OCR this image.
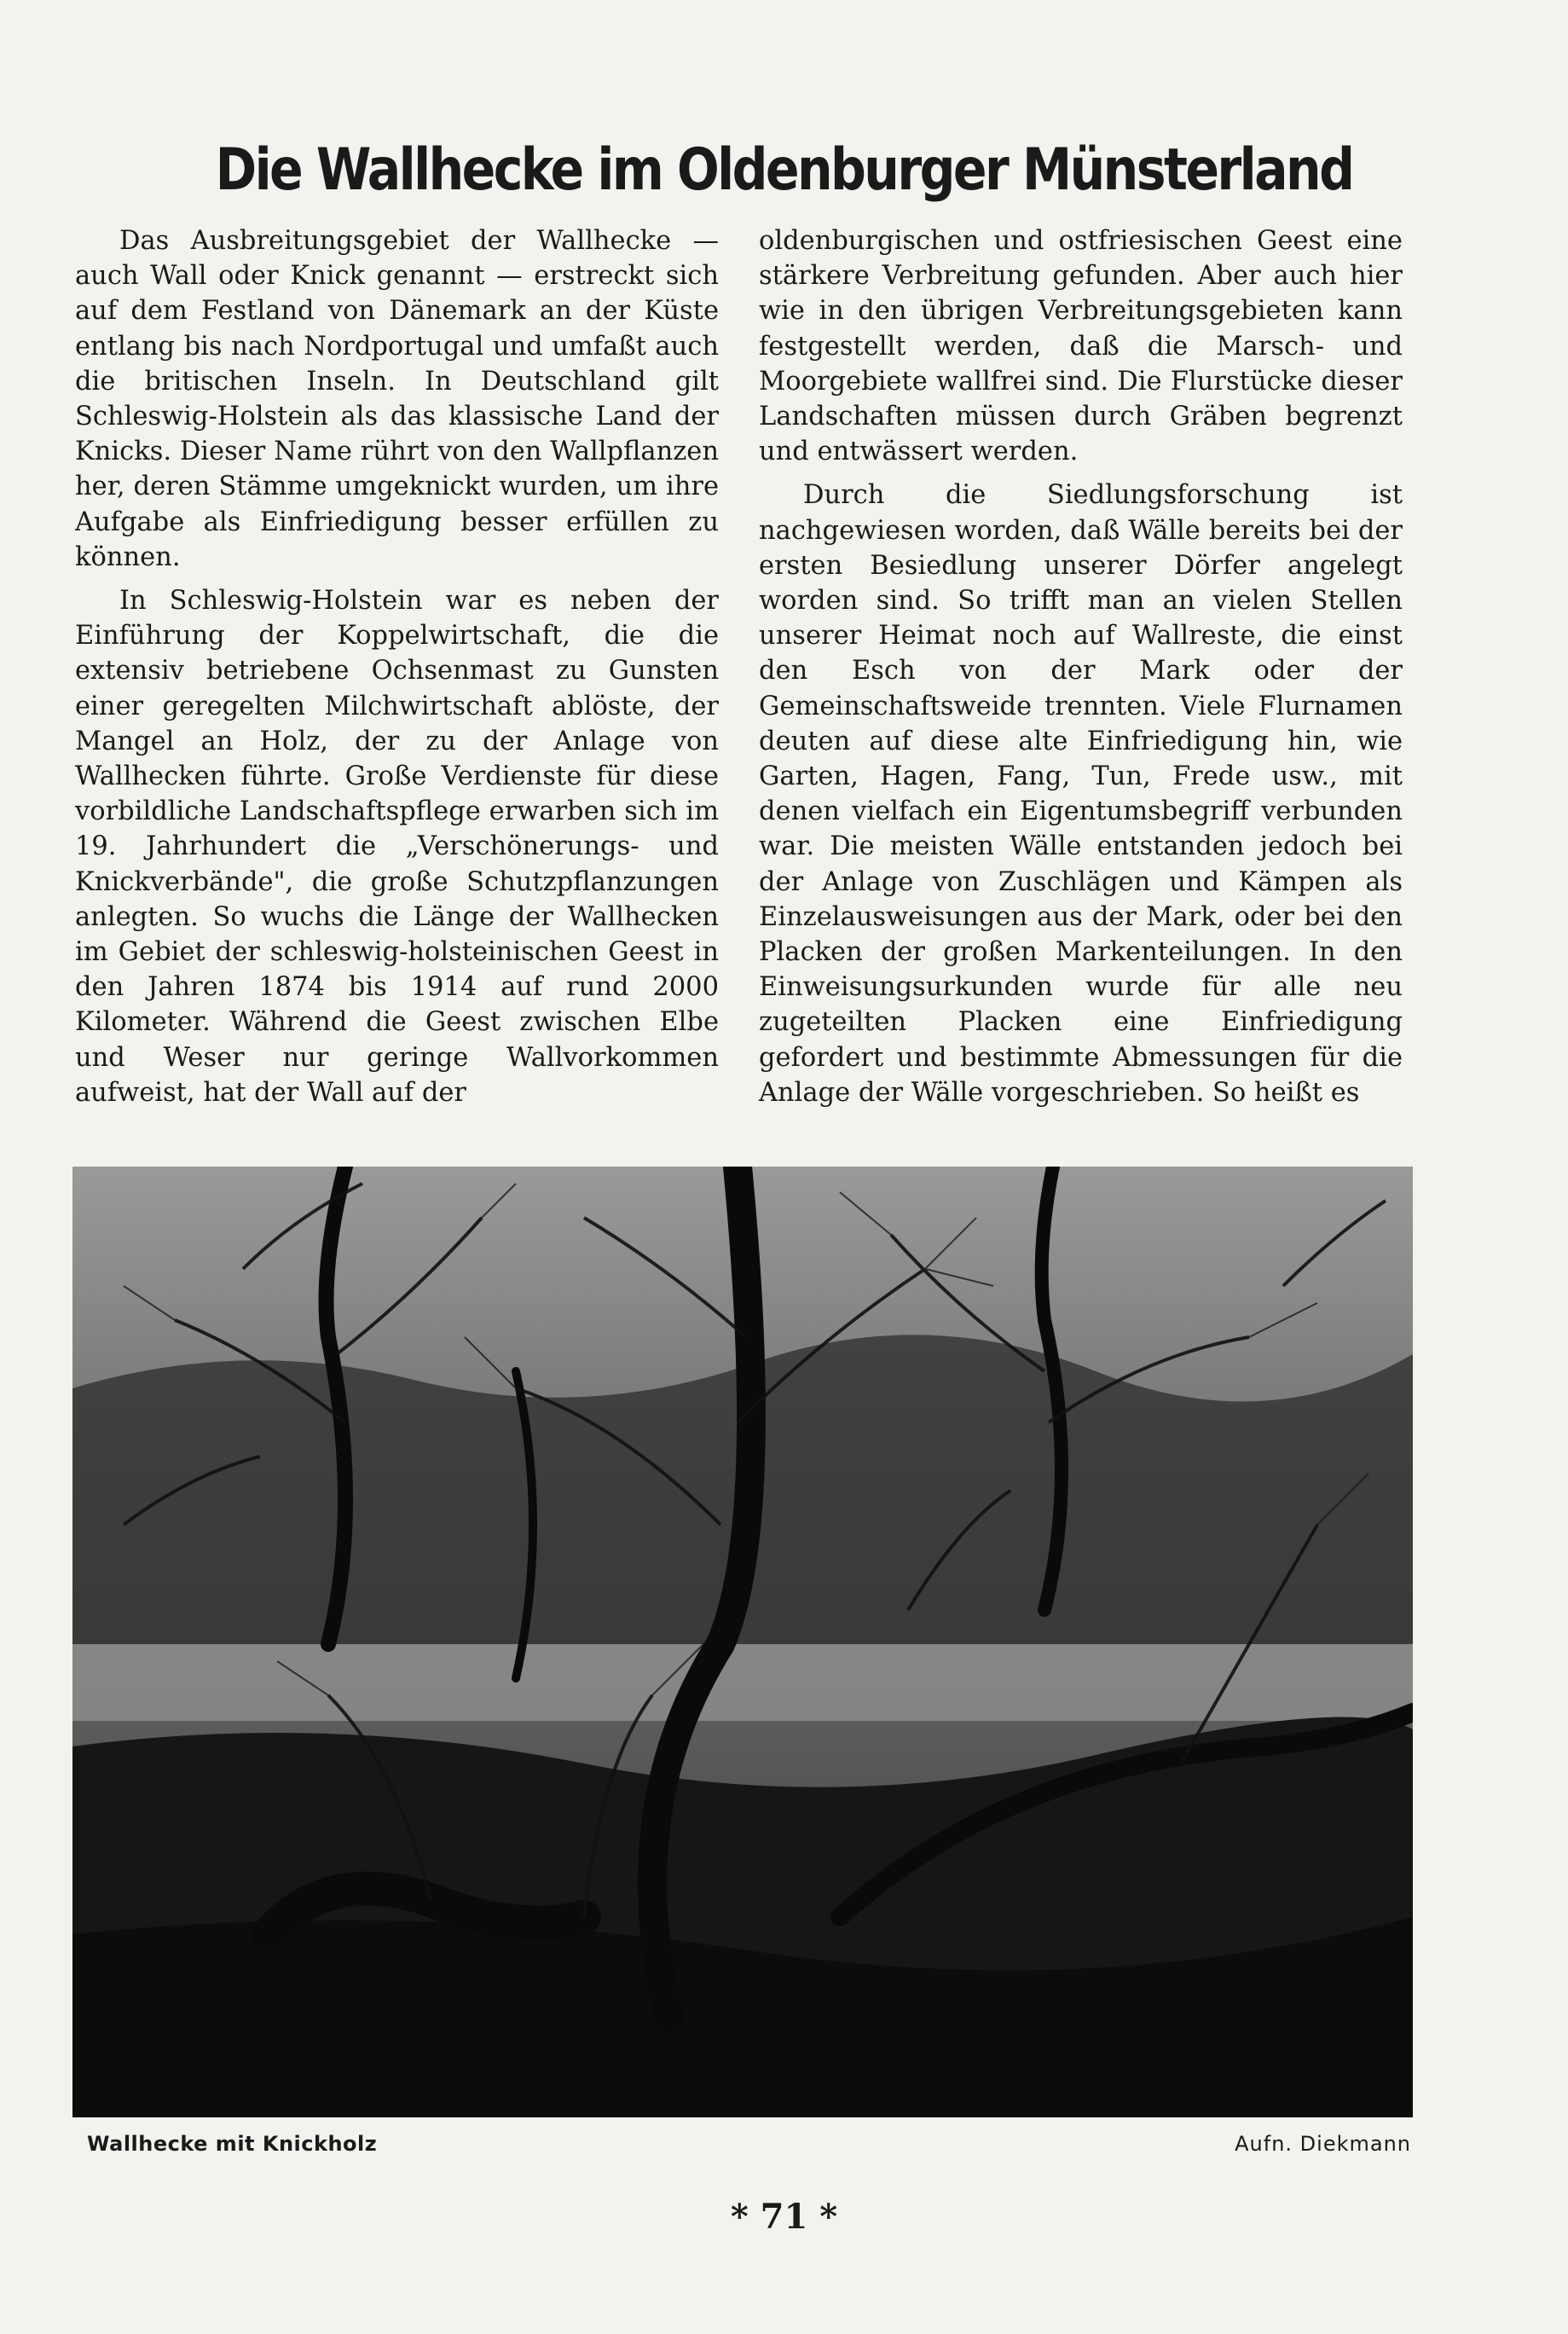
Die Wallhecke im Oldenburger Münsterland

Das Ausbreitungsgebiet der Wallhecke — auch Wall oder Knick genannt — erstreckt sich auf dem Festland von Dänemark an der Küste entlang bis nach Nordportugal und umfaßt auch die britischen Inseln. In Deutschland gilt Schleswig-Holstein als das klassische Land der Knicks. Dieser Name rührt von den Wallpflanzen her, deren Stämme umgeknickt wurden, um ihre Aufgabe als Einfriedigung besser erfüllen zu können.

In Schleswig-Holstein war es neben der Einführung der Koppelwirtschaft, die die extensiv betriebene Ochsenmast zu Gunsten einer geregelten Milchwirtschaft ablöste, der Mangel an Holz, der zu der Anlage von Wallhecken führte. Große Verdienste für diese vorbildliche Landschaftspflege erwarben sich im 19. Jahrhundert die „Verschönerungs- und Knickverbände", die große Schutzpflanzungen anlegten. So wuchs die Länge der Wallhecken im Gebiet der schleswig-holsteinischen Geest in den Jahren 1874 bis 1914 auf rund 2000 Kilometer. Während die Geest zwischen Elbe und Weser nur geringe Wallvorkommen aufweist, hat der Wall auf der

oldenburgischen und ostfriesischen Geest eine stärkere Verbreitung gefunden. Aber auch hier wie in den übrigen Verbreitungsgebieten kann festgestellt werden, daß die Marsch- und Moorgebiete wallfrei sind. Die Flurstücke dieser Landschaften müssen durch Gräben begrenzt und entwässert werden.

Durch die Siedlungsforschung ist nachgewiesen worden, daß Wälle bereits bei der ersten Besiedlung unserer Dörfer angelegt worden sind. So trifft man an vielen Stellen unserer Heimat noch auf Wallreste, die einst den Esch von der Mark oder der Gemeinschaftsweide trennten. Viele Flurnamen deuten auf diese alte Einfriedigung hin, wie Garten, Hagen, Fang, Tun, Frede usw., mit denen vielfach ein Eigentumsbegriff verbunden war. Die meisten Wälle entstanden jedoch bei der Anlage von Zuschlägen und Kämpen als Einzelausweisungen aus der Mark, oder bei den Placken der großen Markenteilungen. In den Einweisungsurkunden wurde für alle neu zugeteilten Placken eine Einfriedigung gefordert und bestimmte Abmessungen für die Anlage der Wälle vorgeschrieben. So heißt es

Wallhecke mit Knickholz	Aufn. Diekmann
* 71 *
